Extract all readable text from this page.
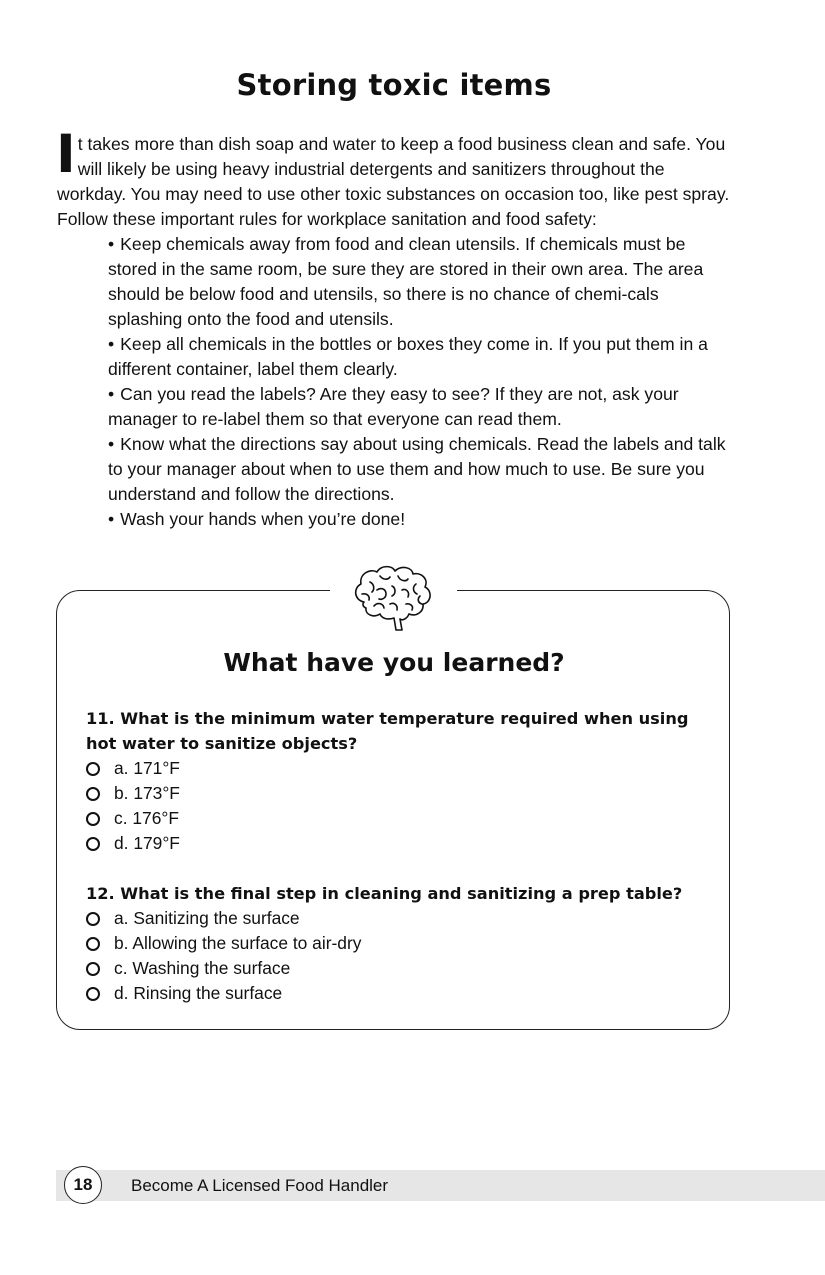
Storing toxic items

It takes more than dish soap and water to keep a food business clean and safe. You will likely be using heavy industrial detergents and sanitizers throughout the workday. You may need to use other toxic substances on occasion too, like pest spray. Follow these important rules for workplace sanitation and food safety:

• Keep chemicals away from food and clean utensils. If chemicals must be stored in the same room, be sure they are stored in their own area. The area should be below food and utensils, so there is no chance of chemi-cals splashing onto the food and utensils.
• Keep all chemicals in the bottles or boxes they come in. If you put them in a different container, label them clearly.
• Can you read the labels? Are they easy to see? If they are not, ask your manager to re-label them so that everyone can read them.
• Know what the directions say about using chemicals. Read the labels and talk to your manager about when to use them and how much to use. Be sure you understand and follow the directions.
• Wash your hands when you’re done!
What have you learned?

11. What is the minimum water temperature required when using hot water to sanitize objects?

a. 171°F
b. 173°F
c. 176°F
d. 179°F

12. What is the final step in cleaning and sanitizing a prep table?

a. Sanitizing the surface
b. Allowing the surface to air-dry
c. Washing the surface
d. Rinsing the surface
18	Become A Licensed Food Handler
